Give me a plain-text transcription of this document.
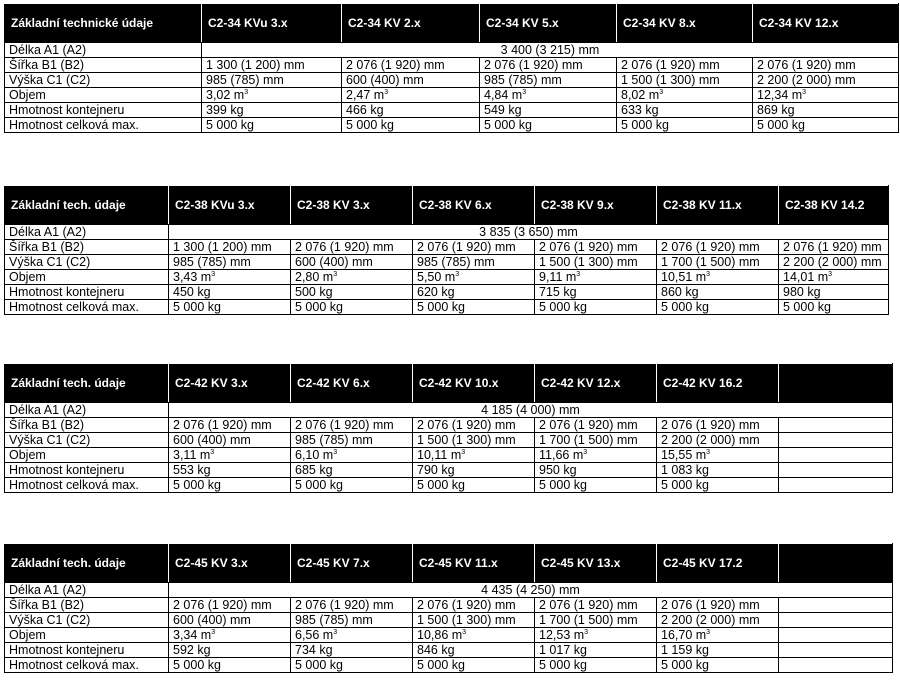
Základní technické údaje	C2-34 KVu 3.x	C2-34 KV 2.x	C2-34 KV 5.x	C2-34 KV 8.x	C2-34 KV 12.x
Délka A1 (A2)	3 400 (3 215) mm				
Šířka B1 (B2)	1 300 (1 200) mm	2 076 (1 920) mm	2 076 (1 920) mm	2 076 (1 920) mm	2 076 (1 920) mm
Výška C1 (C2)	985 (785) mm	600 (400) mm	985 (785) mm	1 500 (1 300) mm	2 200 (2 000) mm
Objem	3,02 $m^3$	2,47 $m^3$	4,84 $m^3$	8,02 $m^3$	12,34 $m^3$
Hmotnost kontejneru	399 kg	466 kg	549 kg	633 kg	869 kg
Hmotnost celková max.	5 000 kg	5 000 kg	5 000 kg	5 000 kg	5 000 kg
Základní tech. údaje	C2-38 KVu 3.x	C2-38 KV 3.x	C2-38 KV 6.x	C2-38 KV 9.x	C2-38 KV 11.x	C2-38 KV 14.2
Délka A1 (A2)	3 835 (3 650) mm					
Šířka B1 (B2)	1 300 (1 200) mm	2 076 (1 920) mm	2 076 (1 920) mm	2 076 (1 920) mm	2 076 (1 920) mm	2 076 (1 920) mm
Výška C1 (C2)	985 (785) mm	600 (400) mm	985 (785) mm	1 500 (1 300) mm	1 700 (1 500) mm	2 200 (2 000) mm
Objem	3,43 $m^3$	2,80 $m^3$	5,50 $m^3$	9,11 $m^3$	10,51 $m^3$	14,01 $m^3$
Hmotnost kontejneru	450 kg	500 kg	620 kg	715 kg	860 kg	980 kg
Hmotnost celková max.	5 000 kg	5 000 kg	5 000 kg	5 000 kg	5 000 kg	5 000 kg
Základní tech. údaje	C2-42 KV 3.x	C2-42 KV 6.x	C2-42 KV 10.x	C2-42 KV 12.x	C2-42 KV 16.2	
Délka A1 (A2)	4 185 (4 000) mm					
Šířka B1 (B2)	2 076 (1 920) mm	2 076 (1 920) mm	2 076 (1 920) mm	2 076 (1 920) mm	2 076 (1 920) mm	
Výška C1 (C2)	600 (400) mm	985 (785) mm	1 500 (1 300) mm	1 700 (1 500) mm	2 200 (2 000) mm	
Objem	3,11 $m^3$	6,10 $m^3$	10,11 $m^3$	11,66 $m^3$	15,55 $m^3$	
Hmotnost kontejneru	553 kg	685 kg	790 kg	950 kg	1 083 kg	
Hmotnost celková max.	5 000 kg	5 000 kg	5 000 kg	5 000 kg	5 000 kg	
Základní tech. údaje	C2-45 KV 3.x	C2-45 KV 7.x	C2-45 KV 11.x	C2-45 KV 13.x	C2-45 KV 17.2	
Délka A1 (A2)	4 435 (4 250) mm					
Šířka B1 (B2)	2 076 (1 920) mm	2 076 (1 920) mm	2 076 (1 920) mm	2 076 (1 920) mm	2 076 (1 920) mm	
Výška C1 (C2)	600 (400) mm	985 (785) mm	1 500 (1 300) mm	1 700 (1 500) mm	2 200 (2 000) mm	
Objem	3,34 $m^3$	6,56 $m^3$	10,86 $m^3$	12,53 $m^3$	16,70 $m^3$	
Hmotnost kontejneru	592 kg	734 kg	846 kg	1 017 kg	1 159 kg	
Hmotnost celková max.	5 000 kg	5 000 kg	5 000 kg	5 000 kg	5 000 kg	
